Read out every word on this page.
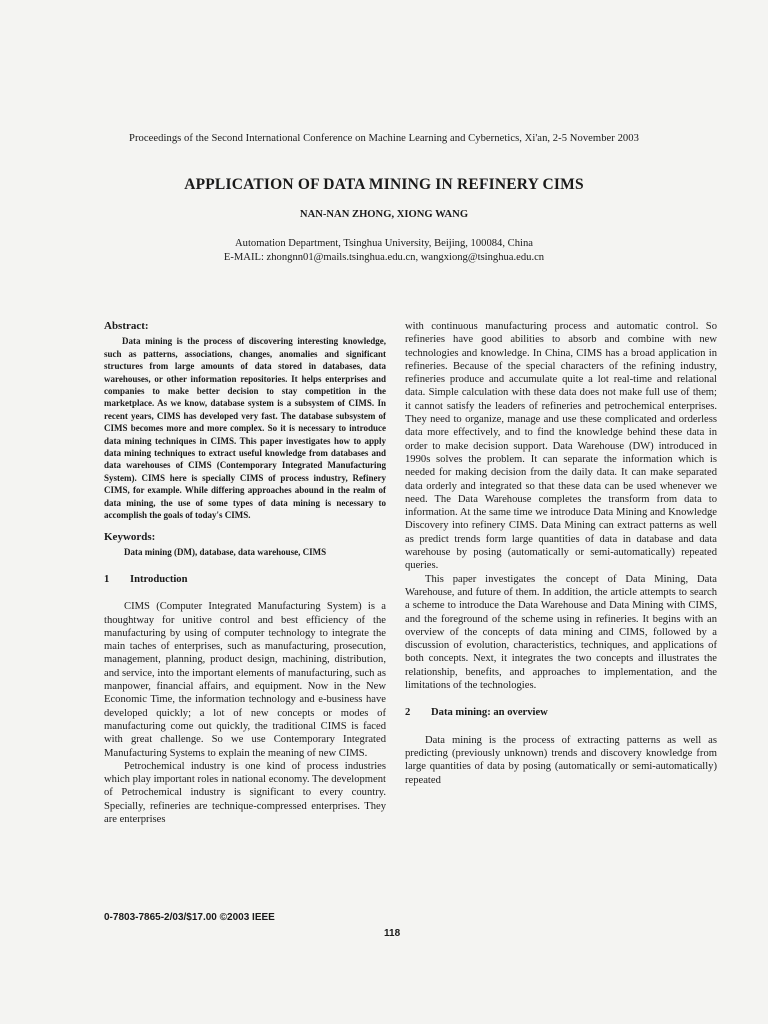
Proceedings of the Second International Conference on Machine Learning and Cybernetics, Xi'an, 2-5 November 2003
APPLICATION OF DATA MINING IN REFINERY CIMS
NAN-NAN ZHONG, XIONG WANG
Automation Department, Tsinghua University, Beijing, 100084, China
E-MAIL: zhongnn01@mails.tsinghua.edu.cn, wangxiong@tsinghua.edu.cn
Abstract:

Data mining is the process of discovering interesting knowledge, such as patterns, associations, changes, anomalies and significant structures from large amounts of data stored in databases, data warehouses, or other information repositories. It helps enterprises and companies to make better decision to stay competition in the marketplace. As we know, database system is a subsystem of CIMS. In recent years, CIMS has developed very fast. The database subsystem of CIMS becomes more and more complex. So it is necessary to introduce data mining techniques in CIMS. This paper investigates how to apply data mining techniques to extract useful knowledge from databases and data warehouses of CIMS (Contemporary Integrated Manufacturing System). CIMS here is specially CIMS of process industry, Refinery CIMS, for example. While differing approaches abound in the realm of data mining, the use of some types of data mining is necessary to accomplish the goals of today's CIMS.

Keywords:
Data mining (DM), database, data warehouse, CIMS
1 Introduction

CIMS (Computer Integrated Manufacturing System) is a thoughtway for unitive control and best efficiency of the manufacturing by using of computer technology to integrate the main taches of enterprises, such as manufacturing, prosecution, management, planning, product design, machining, distribution, and service, into the important elements of manufacturing, such as manpower, financial affairs, and equipment. Now in the New Economic Time, the information technology and e-business have developed quickly; a lot of new concepts or modes of manufacturing come out quickly, the traditional CIMS is faced with great challenge. So we use Contemporary Integrated Manufacturing Systems to explain the meaning of new CIMS.

Petrochemical industry is one kind of process industries which play important roles in national economy. The development of Petrochemical industry is significant to every country. Specially, refineries are technique-compressed enterprises. They are enterprises

with continuous manufacturing process and automatic control. So refineries have good abilities to absorb and combine with new technologies and knowledge. In China, CIMS has a broad application in refineries. Because of the special characters of the refining industry, refineries produce and accumulate quite a lot real-time and relational data. Simple calculation with these data does not make full use of them; it cannot satisfy the leaders of refineries and petrochemical enterprises. They need to organize, manage and use these complicated and orderless data more effectively, and to find the knowledge behind these data in order to make decision support. Data Warehouse (DW) introduced in 1990s solves the problem. It can separate the information which is needed for making decision from the daily data. It can make separated data orderly and integrated so that these data can be used whenever we need. The Data Warehouse completes the transform from data to information. At the same time we introduce Data Mining and Knowledge Discovery into refinery CIMS. Data Mining can extract patterns as well as predict trends form large quantities of data in database and data warehouse by posing (automatically or semi-automatically) repeated queries.

This paper investigates the concept of Data Mining, Data Warehouse, and future of them. In addition, the article attempts to search a scheme to introduce the Data Warehouse and Data Mining with CIMS, and the foreground of the scheme using in refineries. It begins with an overview of the concepts of data mining and CIMS, followed by a discussion of evolution, characteristics, techniques, and applications of both concepts. Next, it integrates the two concepts and illustrates the relationship, benefits, and approaches to implementation, and the limitations of the technologies.

2 Data mining: an overview

Data mining is the process of extracting patterns as well as predicting (previously unknown) trends and discovery knowledge from large quantities of data by posing (automatically or semi-automatically) repeated

0-7803-7865-2/03/$17.00 ©2003 IEEE
118
